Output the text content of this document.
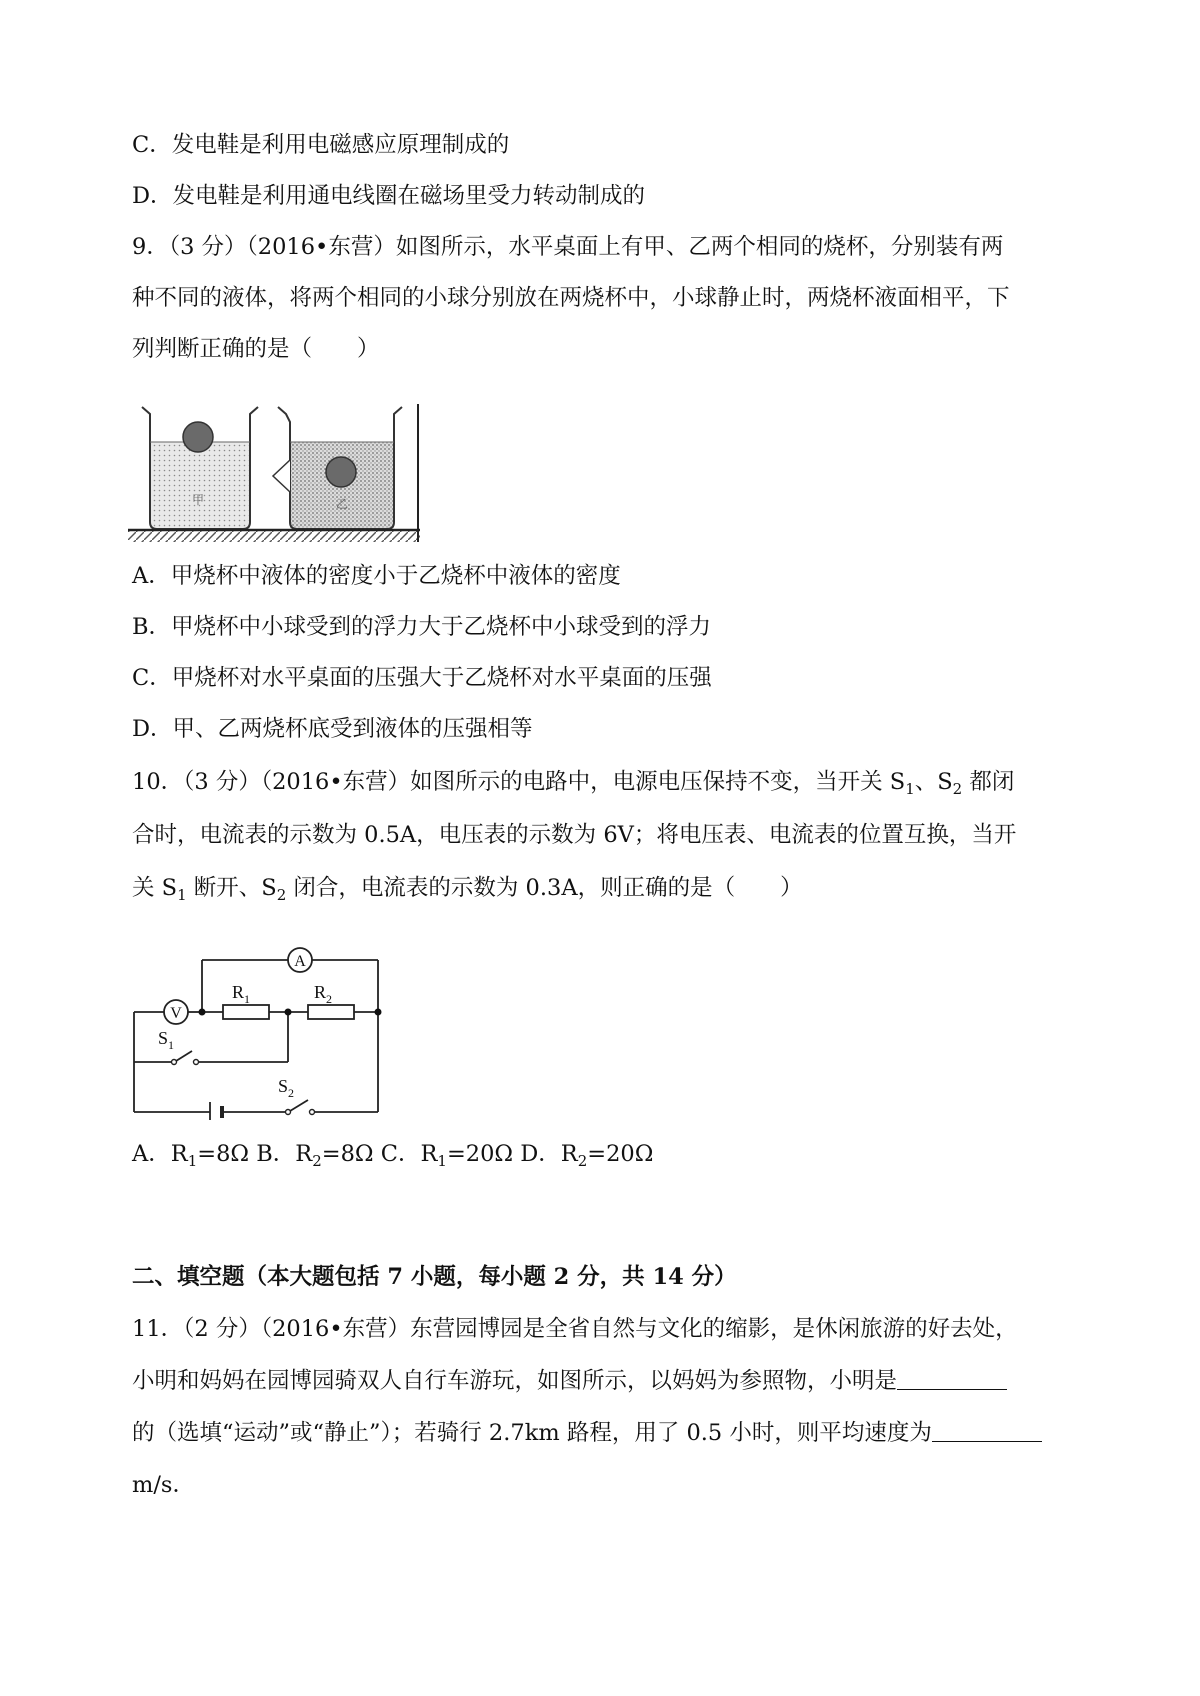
C．发电鞋是利用电磁感应原理制成的
D．发电鞋是利用通电线圈在磁场里受力转动制成的
9．（3 分）（2016•东营）如图所示，水平桌面上有甲、乙两个相同的烧杯，分别装有两
种不同的液体，将两个相同的小球分别放在两烧杯中，小球静止时，两烧杯液面相平，下
列判断正确的是（　　）
甲	乙
A．甲烧杯中液体的密度小于乙烧杯中液体的密度
B．甲烧杯中小球受到的浮力大于乙烧杯中小球受到的浮力
C．甲烧杯对水平桌面的压强大于乙烧杯对水平桌面的压强
D．甲、乙两烧杯底受到液体的压强相等
10．（3 分）（2016•东营）如图所示的电路中，电源电压保持不变，当开关 $S_1$、$S_2$ 都闭
合时，电流表的示数为 0.5A，电压表的示数为 6V；将电压表、电流表的位置互换，当开
关 $S_1$ 断开、$S_2$ 闭合，电流表的示数为 0.3A，则正确的是（　　）
A
V
$R_1$	$R_2$
$S_1$
$S_2$
A．$R_1=8\Omega$ B．$R_2=8\Omega$ C．$R_1=20\Omega$ D．$R_2=20\Omega$
二、填空题（本大题包括 7 小题，每小题 2 分，共 14 分）
11．（2 分）（2016•东营）东营园博园是全省自然与文化的缩影，是休闲旅游的好去处，
小明和妈妈在园博园骑双人自行车游玩，如图所示，以妈妈为参照物，小明是
的（选填“运动”或“静止”）；若骑行 2.7km 路程，用了 0.5 小时，则平均速度为
m/s．
